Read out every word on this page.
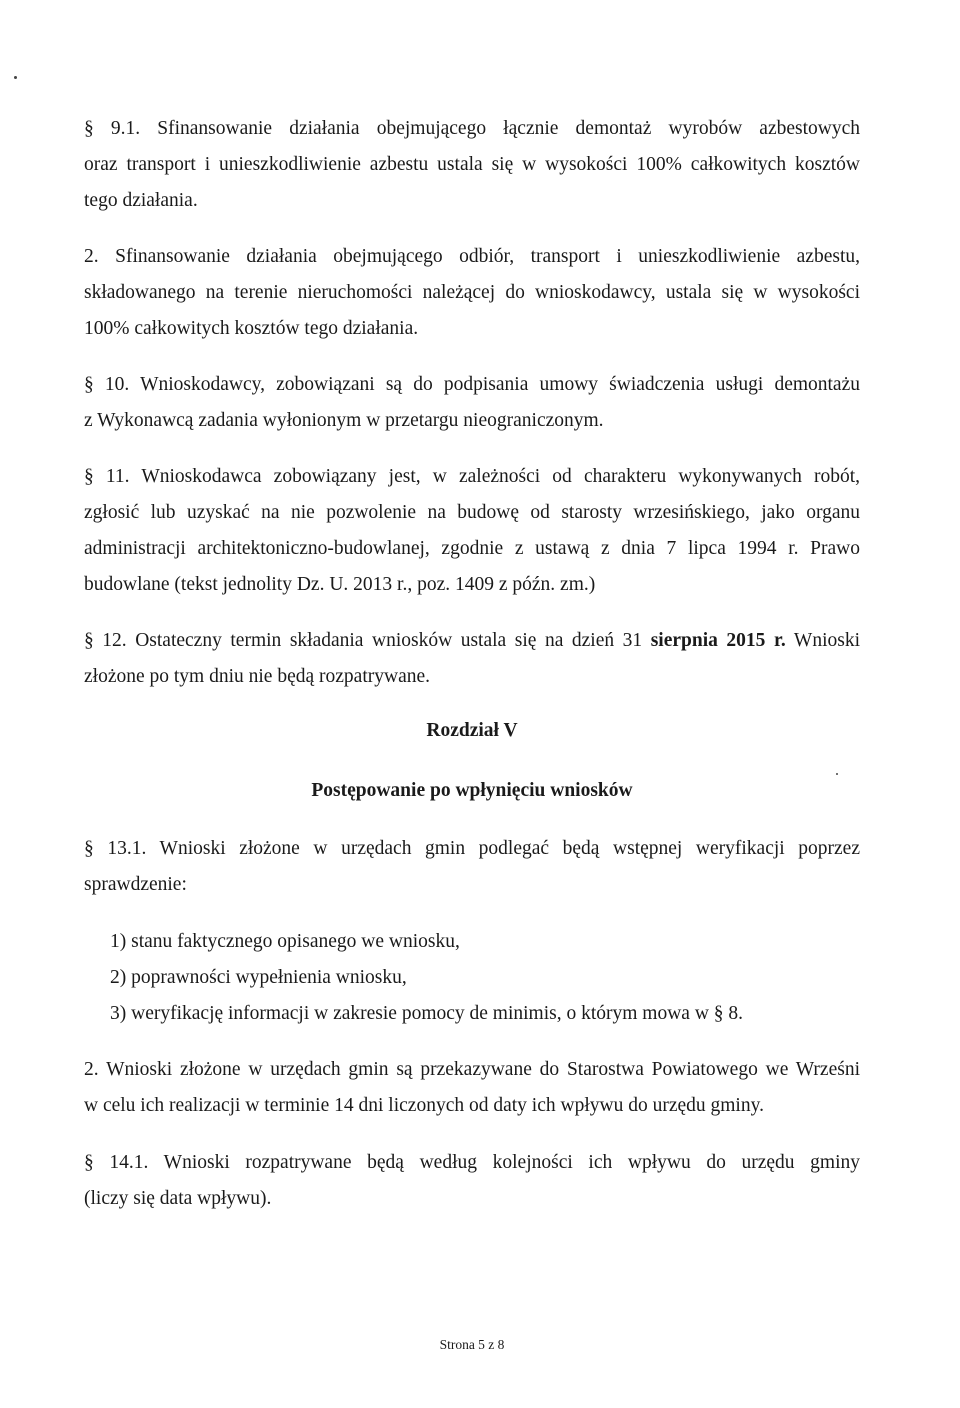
§ 9.1. Sfinansowanie działania obejmującego łącznie demontaż wyrobów azbestowych
oraz transport i unieszkodliwienie azbestu ustala się w wysokości 100% całkowitych kosztów
tego działania.
2. Sfinansowanie działania obejmującego odbiór, transport i unieszkodliwienie azbestu,
składowanego na terenie nieruchomości należącej do wnioskodawcy, ustala się w wysokości
100% całkowitych kosztów tego działania.
§ 10. Wnioskodawcy, zobowiązani są do podpisania umowy świadczenia usługi demontażu
z Wykonawcą zadania wyłonionym w przetargu nieograniczonym.
§ 11. Wnioskodawca zobowiązany jest, w zależności od charakteru wykonywanych robót,
zgłosić lub uzyskać na nie pozwolenie na budowę od starosty wrzesińskiego, jako organu
administracji architektoniczno-budowlanej, zgodnie z ustawą z dnia 7 lipca 1994 r. Prawo
budowlane (tekst jednolity Dz. U. 2013 r., poz. 1409 z późn. zm.)
§ 12. Ostateczny termin składania wniosków ustala się na dzień 31 sierpnia 2015 r. Wnioski
złożone po tym dniu nie będą rozpatrywane.
Rozdział V
Postępowanie po wpłynięciu wniosków
§ 13.1. Wnioski złożone w urzędach gmin podlegać będą wstępnej weryfikacji poprzez
sprawdzenie:
1) stanu faktycznego opisanego we wniosku,
2) poprawności wypełnienia wniosku,
3) weryfikację informacji w zakresie pomocy de minimis, o którym mowa w § 8.
2. Wnioski złożone w urzędach gmin są przekazywane do Starostwa Powiatowego we Wrześni
w celu ich realizacji w terminie 14 dni liczonych od daty ich wpływu do urzędu gminy.
§ 14.1. Wnioski rozpatrywane będą według kolejności ich wpływu do urzędu gminy
(liczy się data wpływu).
Strona 5 z 8
